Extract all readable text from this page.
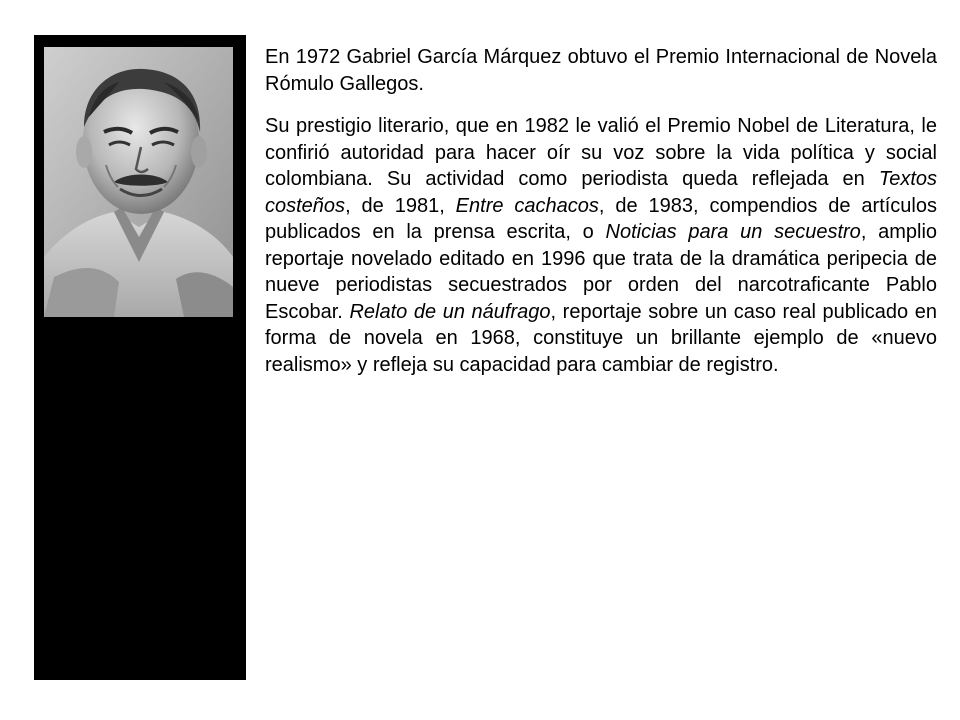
En 1972 Gabriel García Márquez obtuvo el Premio Internacional de Novela Rómulo Gallegos.

Su prestigio literario, que en 1982 le valió el Premio Nobel de Literatura, le confirió autoridad para hacer oír su voz sobre la vida política y social colombiana. Su actividad como periodista queda reflejada en Textos costeños, de 1981, Entre cachacos, de 1983, compendios de artículos publicados en la prensa escrita, o Noticias para un secuestro, amplio reportaje novelado editado en 1996 que trata de la dramática peripecia de nueve periodistas secuestrados por orden del narcotraficante Pablo Escobar. Relato de un náufrago, reportaje sobre un caso real publicado en forma de novela en 1968, constituye un brillante ejemplo de «nuevo realismo» y refleja su capacidad para cambiar de registro.
